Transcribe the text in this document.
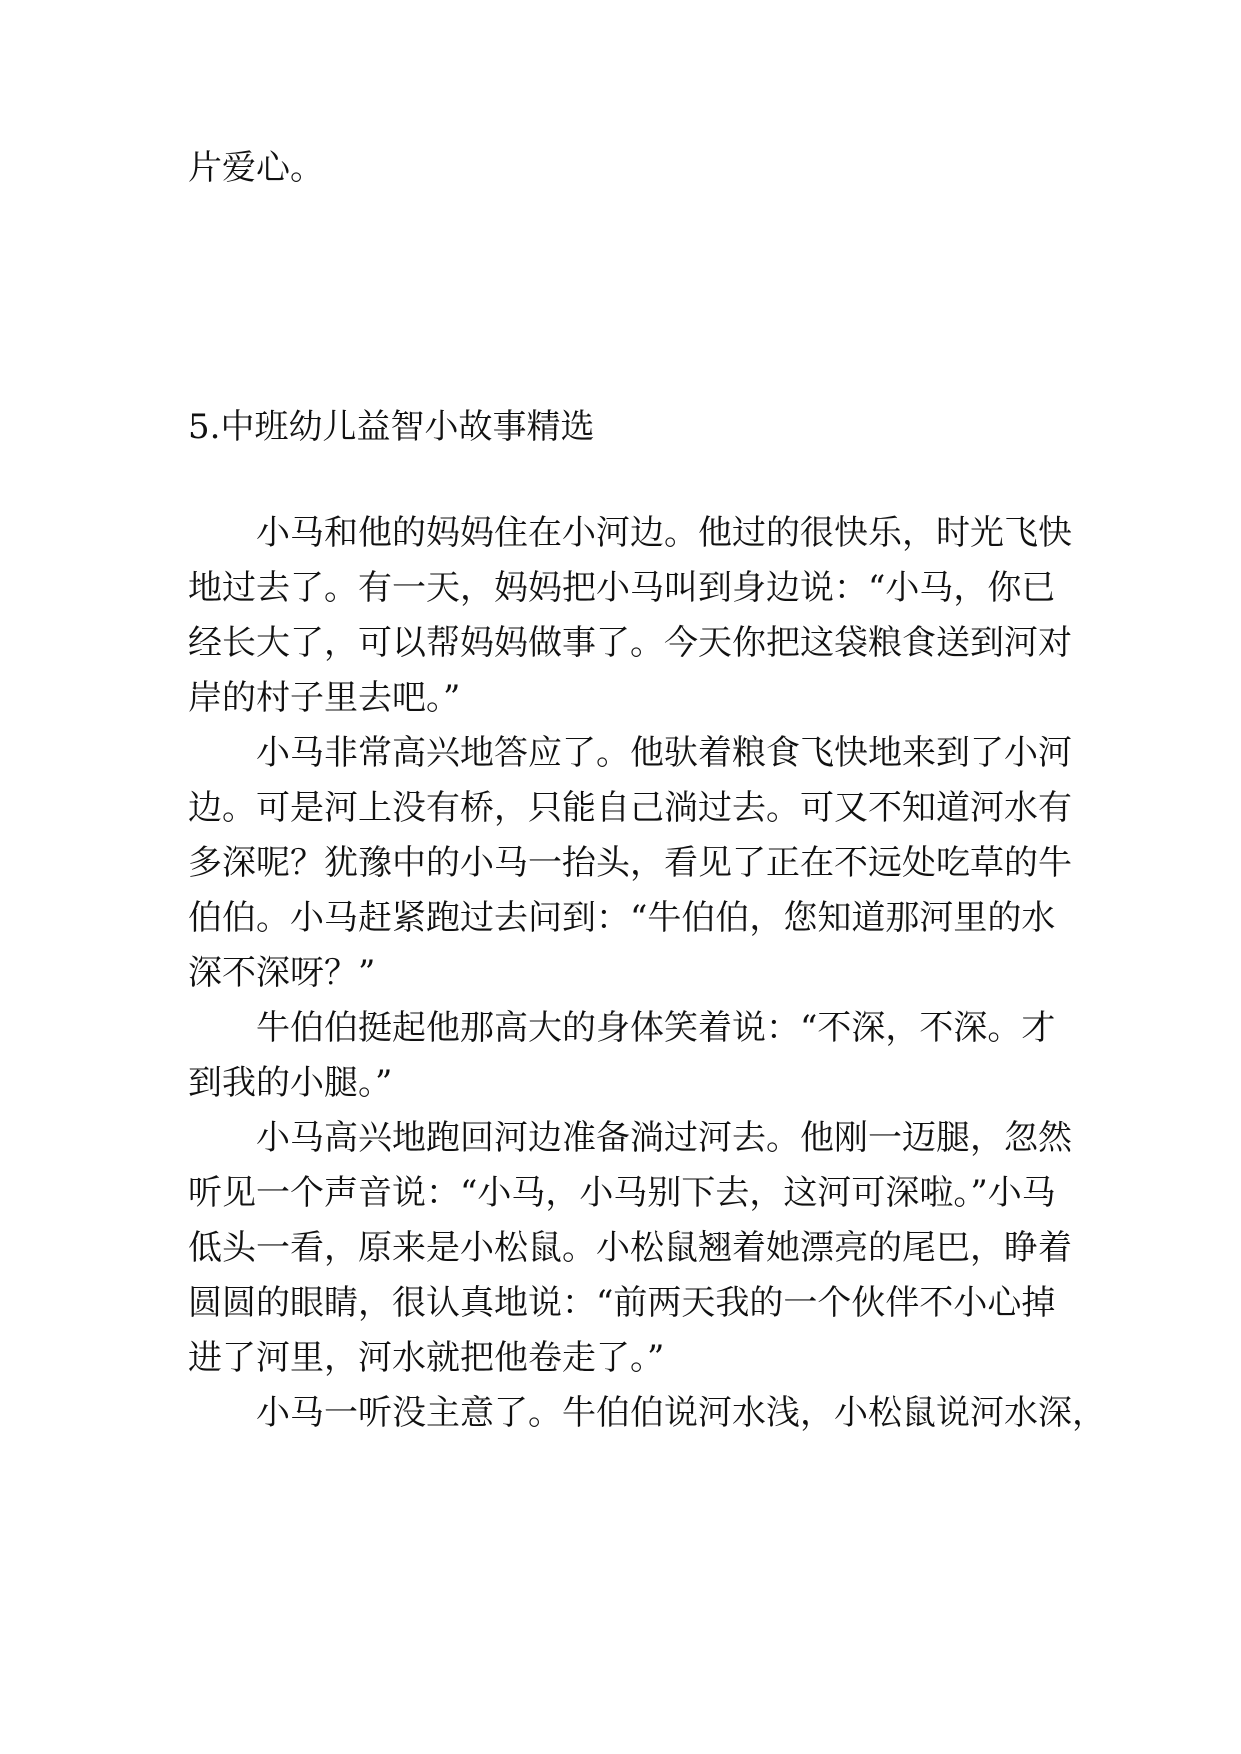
片爱心。
5.中班幼儿益智小故事精选
小马和他的妈妈住在小河边。他过的很快乐，时光飞快
地过去了。有一天，妈妈把小马叫到身边说：“小马，你已
经长大了，可以帮妈妈做事了。今天你把这袋粮食送到河对
岸的村子里去吧。”
小马非常高兴地答应了。他驮着粮食飞快地来到了小河
边。可是河上没有桥，只能自己淌过去。可又不知道河水有
多深呢？犹豫中的小马一抬头，看见了正在不远处吃草的牛
伯伯。小马赶紧跑过去问到：“牛伯伯，您知道那河里的水
深不深呀？”
牛伯伯挺起他那高大的身体笑着说：“不深，不深。才
到我的小腿。”
小马高兴地跑回河边准备淌过河去。他刚一迈腿，忽然
听见一个声音说：“小马，小马别下去，这河可深啦。”小马
低头一看，原来是小松鼠。小松鼠翘着她漂亮的尾巴，睁着
圆圆的眼睛，很认真地说：“前两天我的一个伙伴不小心掉
进了河里，河水就把他卷走了。”
小马一听没主意了。牛伯伯说河水浅，小松鼠说河水深，
